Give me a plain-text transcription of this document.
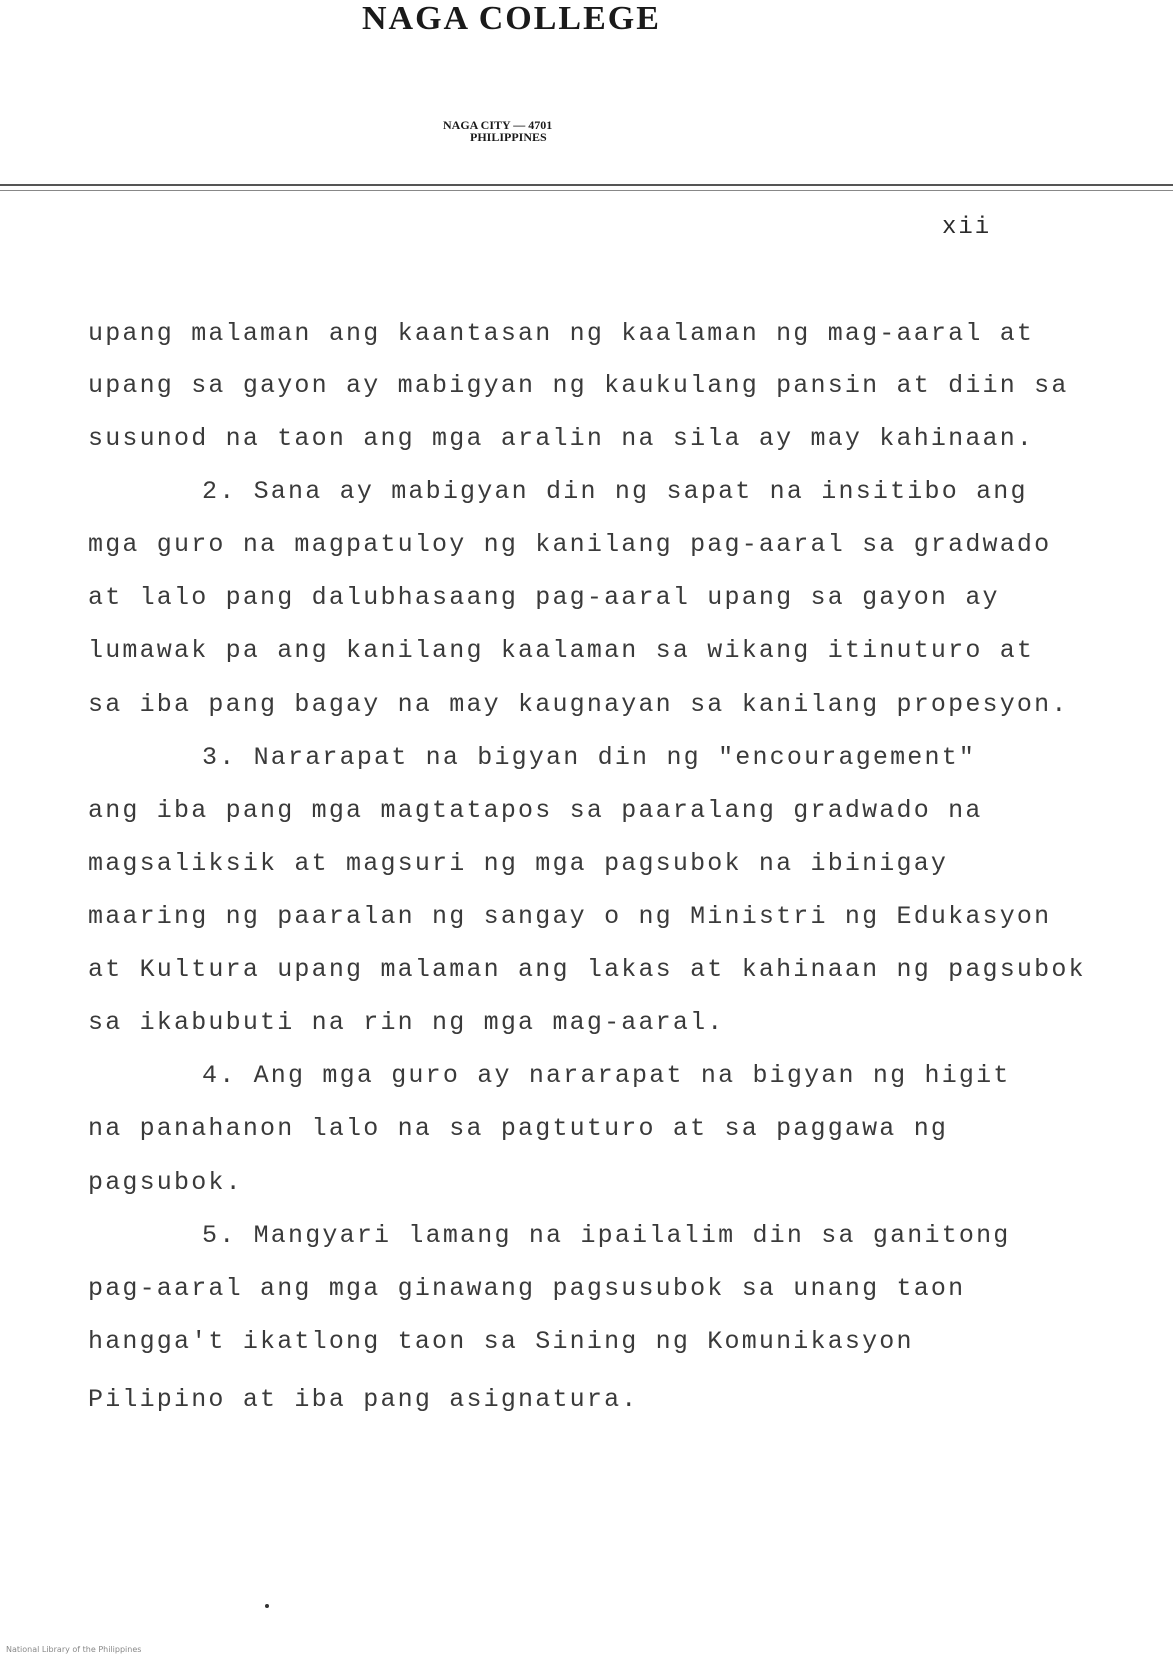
NAGA COLLEGE
NAGA CITY — 4701
PHILIPPINES
xii
upang malaman ang kaantasan ng kaalaman ng mag-aaral at
upang sa gayon ay mabigyan ng kaukulang pansin at diin sa
susunod na taon ang mga aralin na sila ay may kahinaan.
2. Sana ay mabigyan din ng sapat na insitibo ang
mga guro na magpatuloy ng kanilang pag-aaral sa gradwado
at lalo pang dalubhasaang pag-aaral upang sa gayon ay
lumawak pa ang kanilang kaalaman sa wikang itinuturo at
sa iba pang bagay na may kaugnayan sa kanilang propesyon.
3. Nararapat na bigyan din ng "encouragement"
ang iba pang mga magtatapos sa paaralang gradwado na
magsaliksik at magsuri ng mga pagsubok na ibinigay
maaring ng paaralan ng sangay o ng Ministri ng Edukasyon
at Kultura upang malaman ang lakas at kahinaan ng pagsubok
sa ikabubuti na rin ng mga mag-aaral.
4. Ang mga guro ay nararapat na bigyan ng higit
na panahanon lalo na sa pagtuturo at sa paggawa ng
pagsubok.
5. Mangyari lamang na ipailalim din sa ganitong
pag-aaral ang mga ginawang pagsusubok sa unang taon
hangga't ikatlong taon sa Sining ng Komunikasyon
Pilipino at iba pang asignatura.
National Library of the Philippines
